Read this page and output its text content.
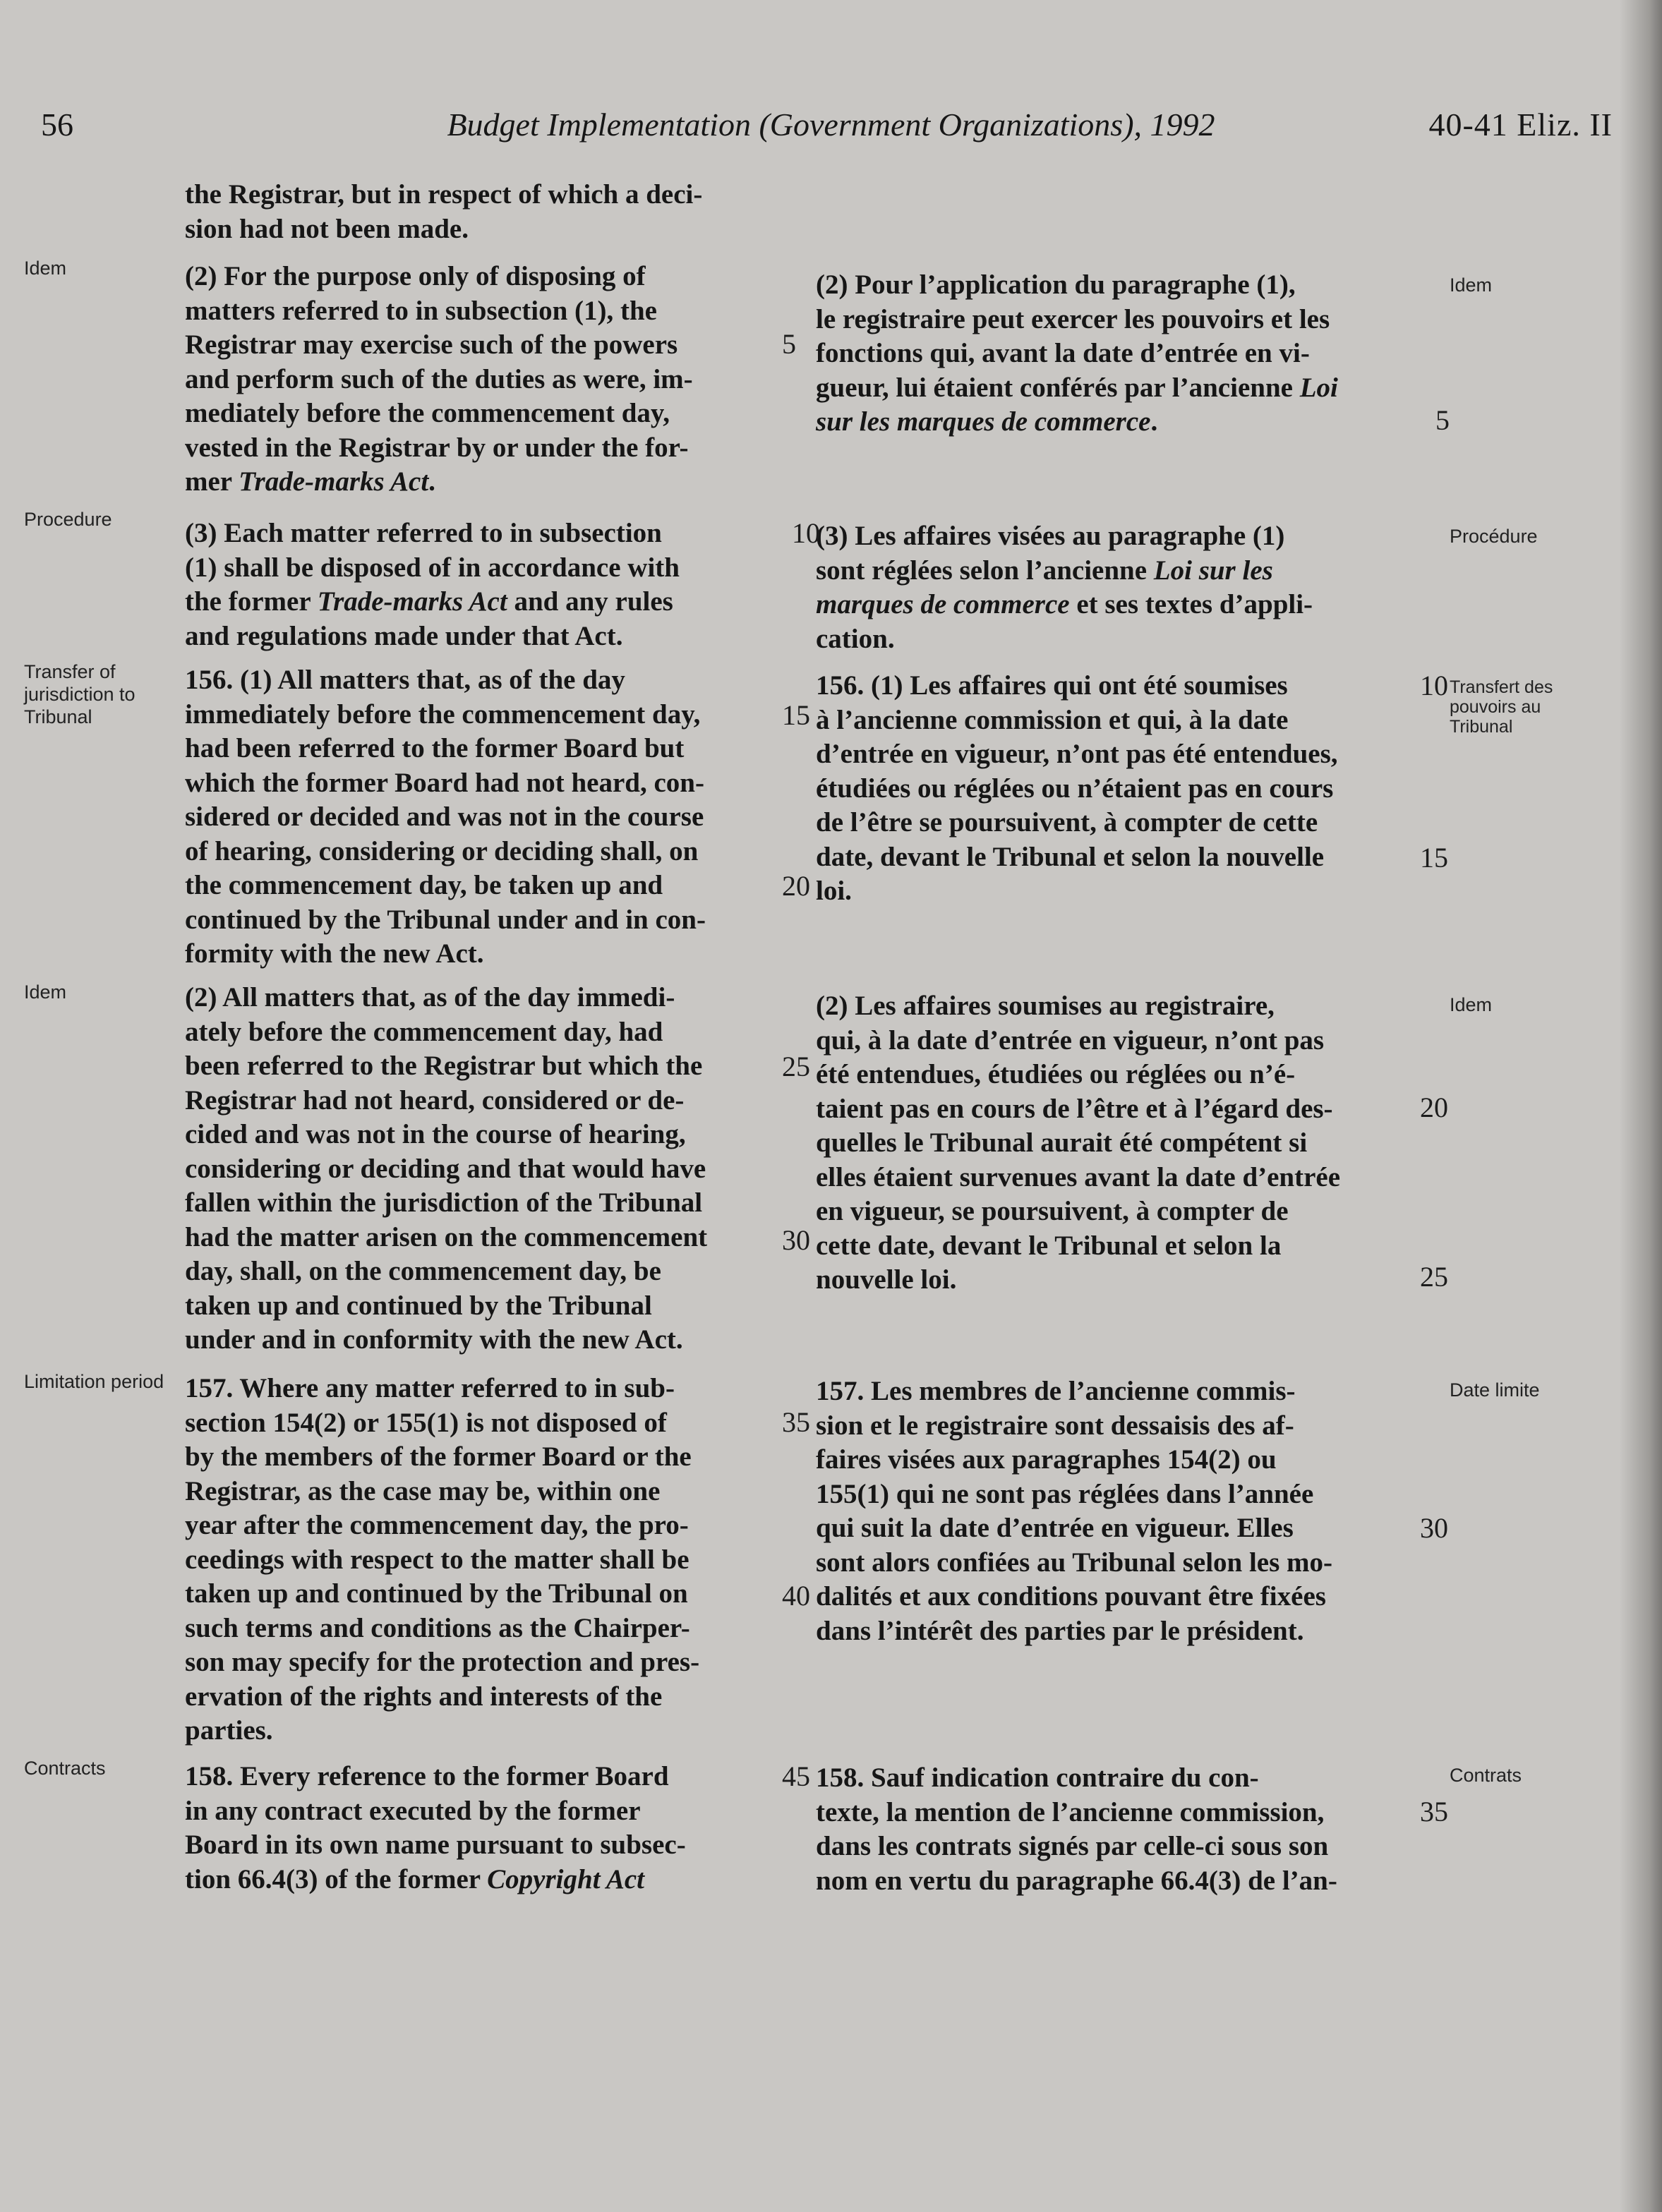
56	Budget Implementation (Government Organizations), 1992	40-41 Eliz. II
Idem
Procedure
Transfer of jurisdiction to Tribunal
Idem
Limitation period
Contracts
Idem
Procédure
Transfert des pouvoirs au Tribunal
Idem
Date limite
Contrats
the Registrar, but in respect of which a deci-
sion had not been made.
(2) For the purpose only of disposing of
matters referred to in subsection (1), the
Registrar may exercise such of the powers
and perform such of the duties as were, im-
mediately before the commencement day,
vested in the Registrar by or under the for-
mer Trade-marks Act.
(3) Each matter referred to in subsection
(1) shall be disposed of in accordance with
the former Trade-marks Act and any rules
and regulations made under that Act.
156. (1) All matters that, as of the day
immediately before the commencement day,
had been referred to the former Board but
which the former Board had not heard, con-
sidered or decided and was not in the course
of hearing, considering or deciding shall, on
the commencement day, be taken up and
continued by the Tribunal under and in con-
formity with the new Act.
(2) All matters that, as of the day immedi-
ately before the commencement day, had
been referred to the Registrar but which the
Registrar had not heard, considered or de-
cided and was not in the course of hearing,
considering or deciding and that would have
fallen within the jurisdiction of the Tribunal
had the matter arisen on the commencement
day, shall, on the commencement day, be
taken up and continued by the Tribunal
under and in conformity with the new Act.
157. Where any matter referred to in sub-
section 154(2) or 155(1) is not disposed of
by the members of the former Board or the
Registrar, as the case may be, within one
year after the commencement day, the pro-
ceedings with respect to the matter shall be
taken up and continued by the Tribunal on
such terms and conditions as the Chairper-
son may specify for the protection and pres-
ervation of the rights and interests of the
parties.
158. Every reference to the former Board
in any contract executed by the former
Board in its own name pursuant to subsec-
tion 66.4(3) of the former Copyright Act
(2) Pour l’application du paragraphe (1),
le registraire peut exercer les pouvoirs et les
fonctions qui, avant la date d’entrée en vi-
gueur, lui étaient conférés par l’ancienne Loi
sur les marques de commerce.
(3) Les affaires visées au paragraphe (1)
sont réglées selon l’ancienne Loi sur les
marques de commerce et ses textes d’appli-
cation.
156. (1) Les affaires qui ont été soumises
à l’ancienne commission et qui, à la date
d’entrée en vigueur, n’ont pas été entendues,
étudiées ou réglées ou n’étaient pas en cours
de l’être se poursuivent, à compter de cette
date, devant le Tribunal et selon la nouvelle
loi.
(2) Les affaires soumises au registraire,
qui, à la date d’entrée en vigueur, n’ont pas
été entendues, étudiées ou réglées ou n’é-
taient pas en cours de l’être et à l’égard des-
quelles le Tribunal aurait été compétent si
elles étaient survenues avant la date d’entrée
en vigueur, se poursuivent, à compter de
cette date, devant le Tribunal et selon la
nouvelle loi.
157. Les membres de l’ancienne commis-
sion et le registraire sont dessaisis des af-
faires visées aux paragraphes 154(2) ou
155(1) qui ne sont pas réglées dans l’année
qui suit la date d’entrée en vigueur. Elles
sont alors confiées au Tribunal selon les mo-
dalités et aux conditions pouvant être fixées
dans l’intérêt des parties par le président.
158. Sauf indication contraire du con-
texte, la mention de l’ancienne commission,
dans les contrats signés par celle-ci sous son
nom en vertu du paragraphe 66.4(3) de l’an-
5
10
15
20
25
30
35
40
45
5
10
15
20
25
30
35
